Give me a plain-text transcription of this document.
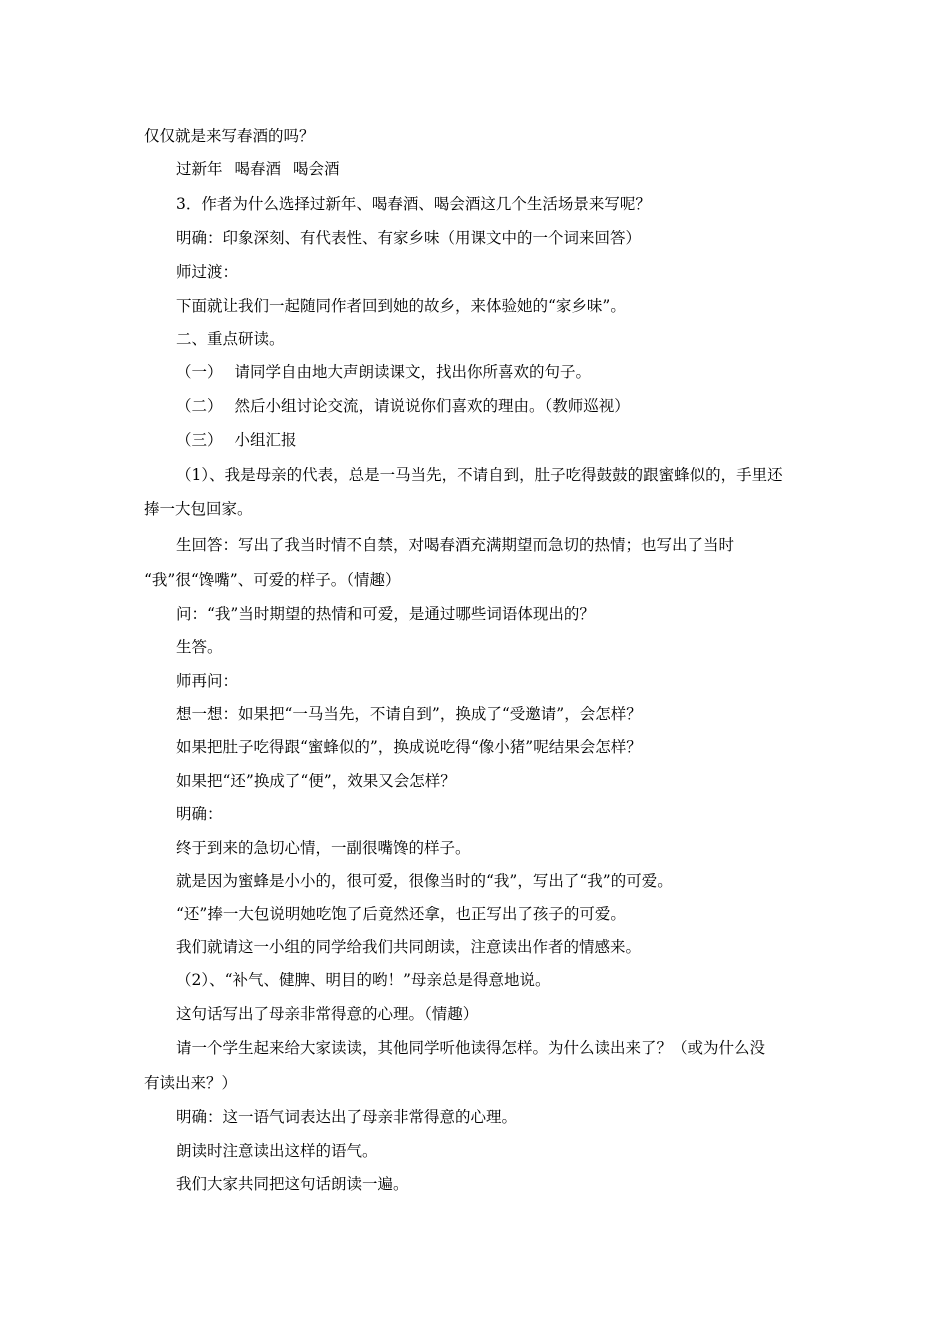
仅仅就是来写春酒的吗？
过新年 喝春酒 喝会酒
3．作者为什么选择过新年、喝春酒、喝会酒这几个生活场景来写呢？
明确：印象深刻、有代表性、有家乡味（用课文中的一个词来回答）
师过渡：
下面就让我们一起随同作者回到她的故乡，来体验她的“家乡味”。
二、重点研读。
（一） 请同学自由地大声朗读课文，找出你所喜欢的句子。
（二） 然后小组讨论交流，请说说你们喜欢的理由。（教师巡视）
（三） 小组汇报
（1）、我是母亲的代表，总是一马当先，不请自到，肚子吃得鼓鼓的跟蜜蜂似的，手里还
捧一大包回家。
生回答：写出了我当时情不自禁，对喝春酒充满期望而急切的热情；也写出了当时
“我”很“馋嘴”、可爱的样子。（情趣）
问：“我”当时期望的热情和可爱，是通过哪些词语体现出的？
生答。
师再问：
想一想：如果把“一马当先，不请自到”，换成了“受邀请”，会怎样？
如果把肚子吃得跟“蜜蜂似的”，换成说吃得“像小猪”呢结果会怎样？
如果把“还”换成了“便”，效果又会怎样？
明确：
终于到来的急切心情，一副很嘴馋的样子。
就是因为蜜蜂是小小的，很可爱，很像当时的“我”，写出了“我”的可爱。
“还”捧一大包说明她吃饱了后竟然还拿，也正写出了孩子的可爱。
我们就请这一小组的同学给我们共同朗读，注意读出作者的情感来。
（2）、“补气、健脾、明目的哟！”母亲总是得意地说。
这句话写出了母亲非常得意的心理。（情趣）
请一个学生起来给大家读读，其他同学听他读得怎样。为什么读出来了？（或为什么没
有读出来？）
明确：这一语气词表达出了母亲非常得意的心理。
朗读时注意读出这样的语气。
我们大家共同把这句话朗读一遍。
